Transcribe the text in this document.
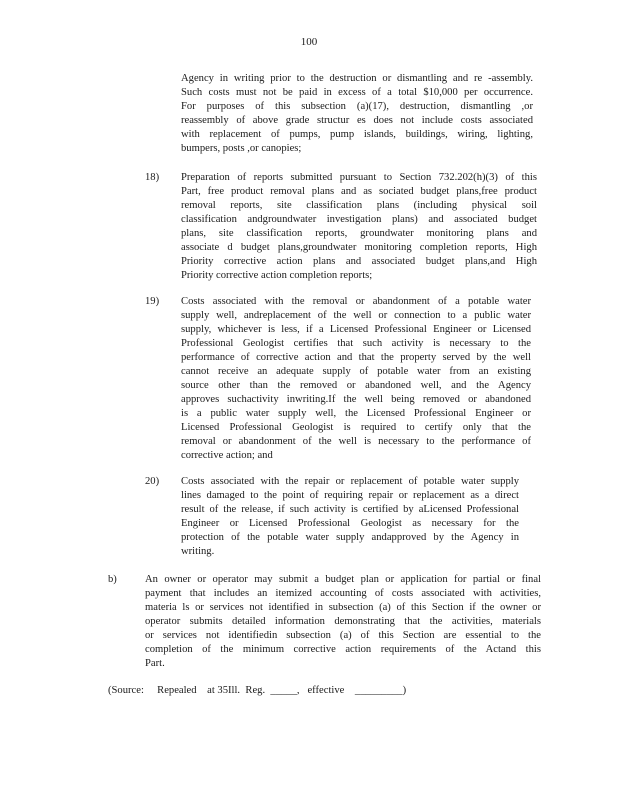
100
Agency in writing prior to the destruction or dismantling and re -assembly.
Such costs must not be paid in excess of a total $10,000 per occurrence.
For purposes of this subsection (a)(17), destruction, dismantling ,or
reassembly of above grade structur es does not include costs associated
with replacement of pumps, pump islands, buildings, wiring, lighting,
bumpers, posts ,or canopies;
18) Preparation of reports submitted pursuant to Section 732.202(h)(3) of this
Part, free product removal plans and as sociated budget plans,free product
removal reports, site classification plans (including physical soil
classification andgroundwater investigation plans) and associated budget
plans, site classification reports, groundwater monitoring plans and
associate d budget plans,groundwater monitoring completion reports, High
Priority corrective action plans and associated budget plans,and High
Priority corrective action completion reports;
19) Costs associated with the removal or abandonment of a potable water
supply well, andreplacement of the well or connection to a public water
supply, whichever is less, if a Licensed Professional Engineer or Licensed
Professional Geologist certifies that such activity is necessary to the
performance of corrective action and that the property served by the well
cannot receive an adequate supply of potable water from an existing
source other than the removed or abandoned well, and the Agency
approves suchactivity inwriting.If the well being removed or abandoned
is a public water supply well, the Licensed Professional Engineer or
Licensed Professional Geologist is required to certify only that the
removal or abandonment of the well is necessary to the performance of
corrective action; and
20) Costs associated with the repair or replacement of potable water supply
lines damaged to the point of requiring repair or replacement as a direct
result of the release, if such activity is certified by aLicensed Professional
Engineer or Licensed Professional Geologist as necessary for the
protection of the potable water supply andapproved by the Agency in
writing.
b)	An owner or operator may submit a budget plan or application for partial or final
payment that includes an itemized accounting of costs associated with activities,
materia ls or services not identified in subsection (a) of this Section if the owner or
operator submits detailed information demonstrating that the activities, materials
or services not identifiedin subsection (a) of this Section are essential to the
completion of the minimum corrective action requirements of the Actand this
Part.
(Source:     Repealed    at 35Ill.  Reg.  _____,   effective    _________)
